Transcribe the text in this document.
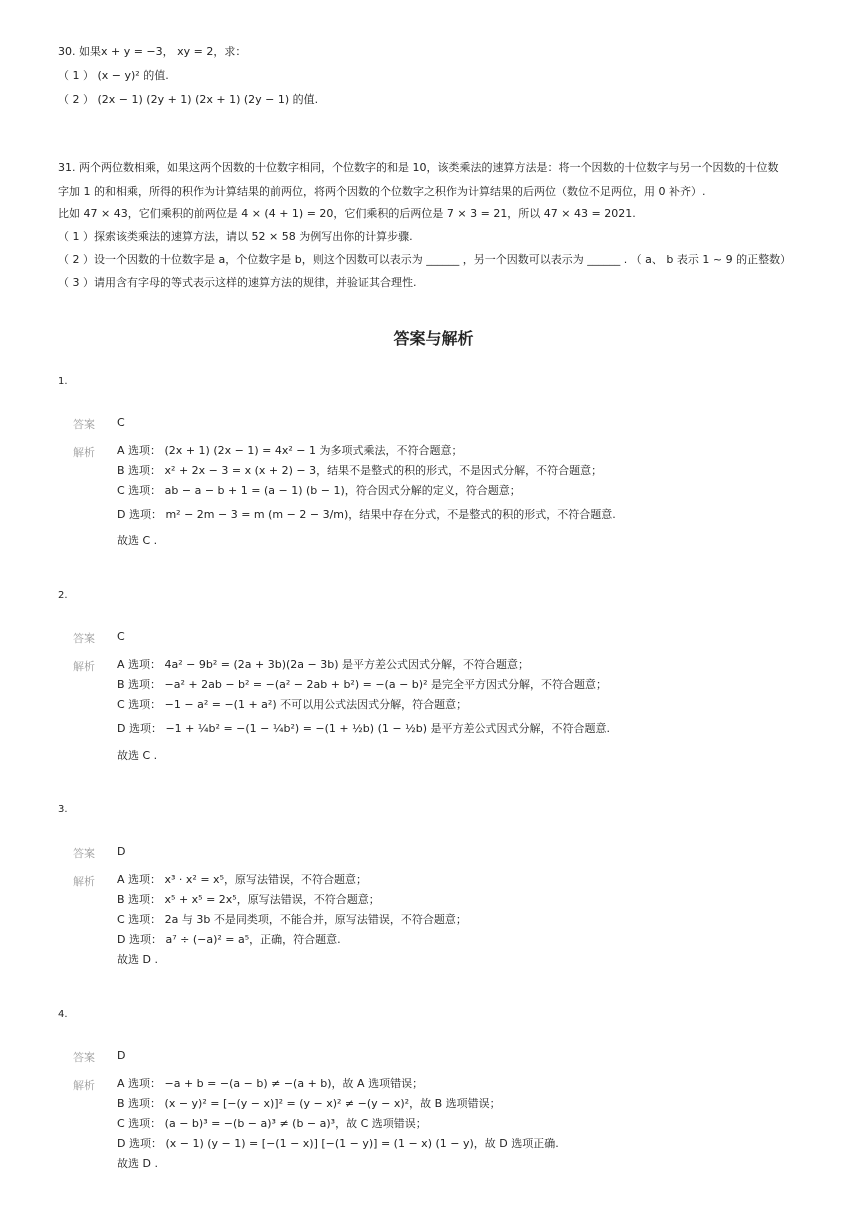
30. 如果x + y = −3， xy = 2，求：
（ 1 ） (x − y)² 的值.
（ 2 ） (2x − 1) (2y + 1) (2x + 1) (2y − 1) 的值.
31. 两个两位数相乘，如果这两个因数的十位数字相同，个位数字的和是 10，该类乘法的速算方法是：将一个因数的十位数字与另一个因数的十位数
字加 1 的和相乘，所得的积作为计算结果的前两位，将两个因数的个位数字之积作为计算结果的后两位（数位不足两位，用 0 补齐）.
比如 47 × 43，它们乘积的前两位是 4 × (4 + 1) = 20，它们乘积的后两位是 7 × 3 = 21，所以 47 × 43 = 2021.
（ 1 ）探索该类乘法的速算方法，请以 52 × 58 为例写出你的计算步骤.
（ 2 ）设一个因数的十位数字是 a，个位数字是 b，则这个因数可以表示为 ______ ，另一个因数可以表示为 ______ . （ a、 b 表示 1 ~ 9 的正整数）
（ 3 ）请用含有字母的等式表示这样的速算方法的规律，并验证其合理性.
答案与解析
1.
答案 C
解析 A 选项： (2x + 1) (2x − 1) = 4x² − 1 为多项式乘法，不符合题意；
B 选项： x² + 2x − 3 = x (x + 2) − 3，结果不是整式的积的形式，不是因式分解，不符合题意；
C 选项： ab − a − b + 1 = (a − 1) (b − 1)，符合因式分解的定义，符合题意；
D 选项： m² − 2m − 3 = m (m − 2 − 3/m)，结果中存在分式，不是整式的积的形式，不符合题意.
故选 C .
2.
答案 C
解析 A 选项： 4a² − 9b² = (2a + 3b)(2a − 3b) 是平方差公式因式分解，不符合题意；
B 选项： −a² + 2ab − b² = −(a² − 2ab + b²) = −(a − b)² 是完全平方因式分解，不符合题意；
C 选项： −1 − a² = −(1 + a²) 不可以用公式法因式分解，符合题意；
D 选项： −1 + ¼b² = −(1 − ¼b²) = −(1 + ½b) (1 − ½b) 是平方差公式因式分解，不符合题意.
故选 C .
3.
答案 D
解析 A 选项： x³ · x² = x⁵，原写法错误，不符合题意；
B 选项： x⁵ + x⁵ = 2x⁵，原写法错误，不符合题意；
C 选项： 2a 与 3b 不是同类项，不能合并，原写法错误，不符合题意；
D 选项： a⁷ ÷ (−a)² = a⁵，正确，符合题意.
故选 D .
4.
答案 D
解析 A 选项： −a + b = −(a − b) ≠ −(a + b)，故 A 选项错误；
B 选项： (x − y)² = [−(y − x)]² = (y − x)² ≠ −(y − x)²，故 B 选项错误；
C 选项： (a − b)³ = −(b − a)³ ≠ (b − a)³，故 C 选项错误；
D 选项： (x − 1) (y − 1) = [−(1 − x)] [−(1 − y)] = (1 − x) (1 − y)，故 D 选项正确.
故选 D .
